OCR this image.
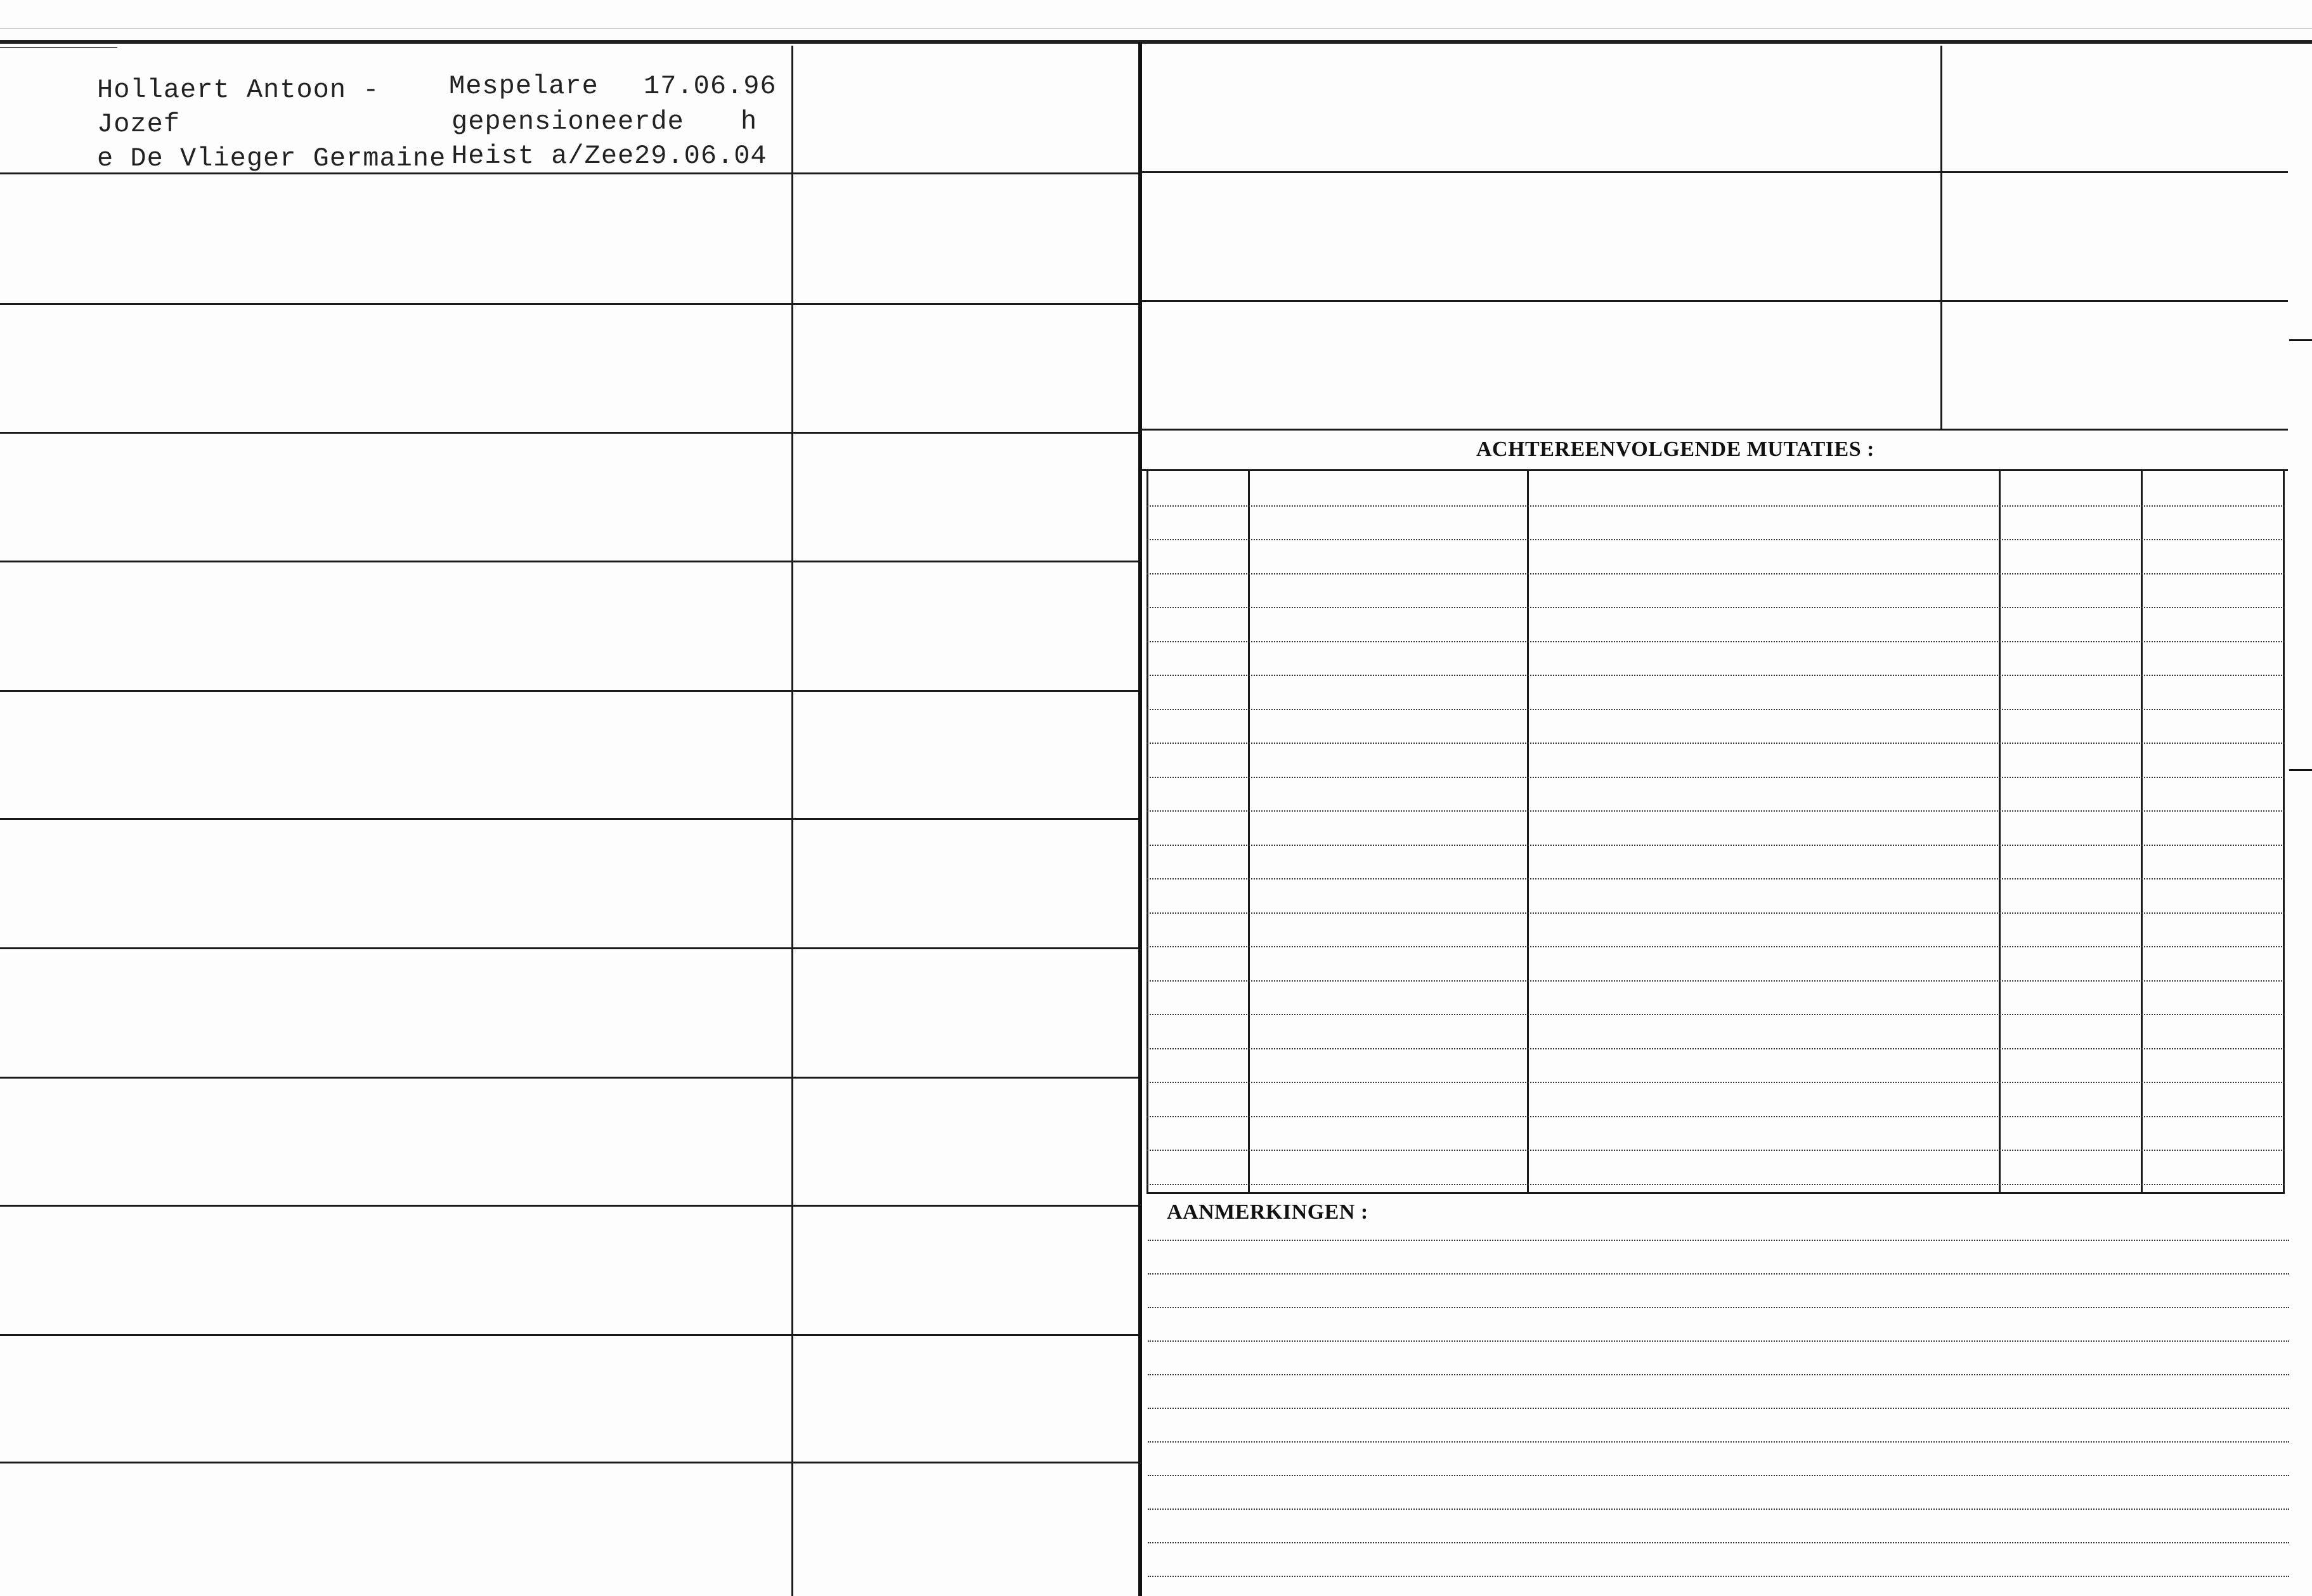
Hollaert Antoon -
Jozef
e De Vlieger Germaine
Mespelare 17.06.96
gepensioneerde h
Heist a/Zee 29.06.04
ACHTEREENVOLGENDE MUTATIES :
AANMERKINGEN :
